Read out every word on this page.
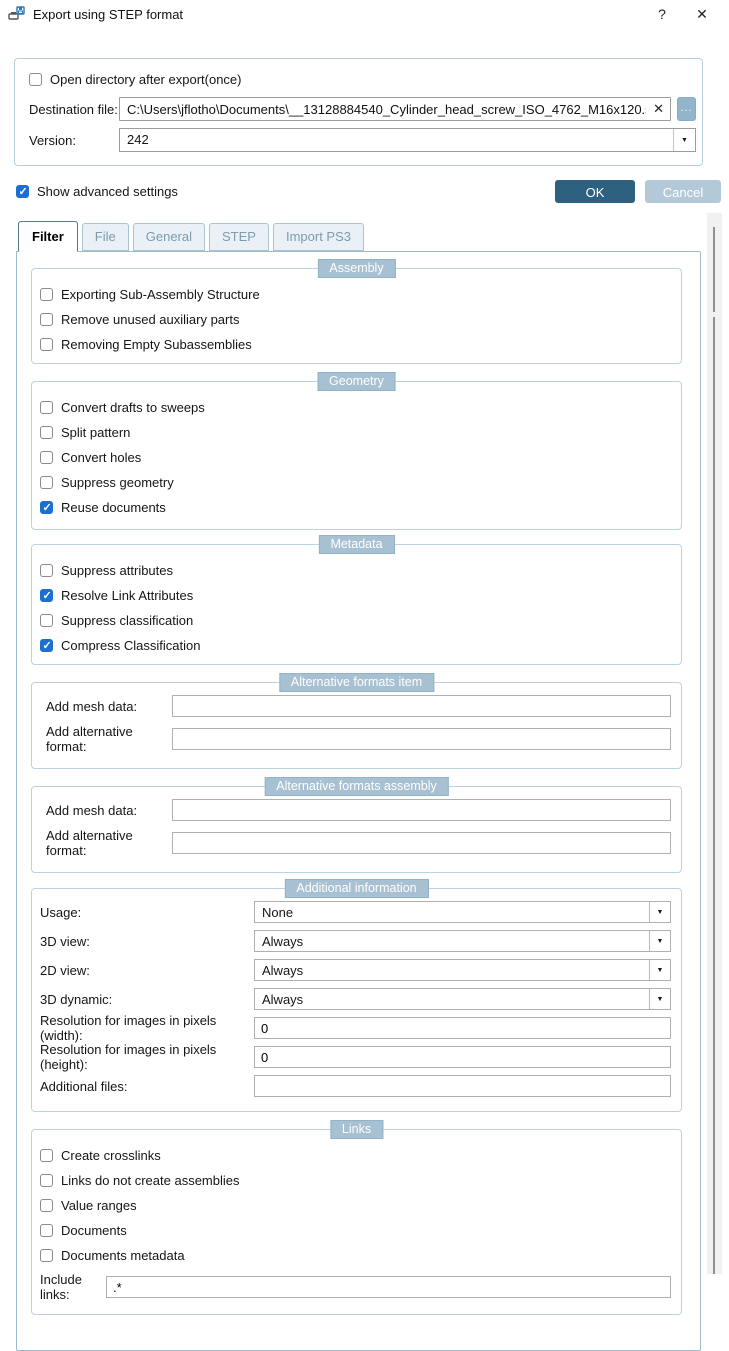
Export using STEP format	?	✕
Open directory after export(once)
Destination file:
C:\Users\jflotho\Documents\__13128884540_Cylinder_head_screw_ISO_4762_M16x120.stp	✕	...
Version:	242	▼
✓
Show advanced settings	OK	Cancel
Filter	File	General	STEP	Import PS3
Assembly
Exporting Sub-Assembly Structure
Remove unused auxiliary parts
Removing Empty Subassemblies
Geometry
Convert drafts to sweeps
Split pattern
Convert holes
Suppress geometry
✓
Reuse documents
Metadata
Suppress attributes
✓
Resolve Link Attributes
Suppress classification
✓
Compress Classification
Alternative formats item
Add mesh data:
Add alternative format:
Alternative formats assembly
Add mesh data:
Add alternative format:
Additional information
Usage:	None	▼
3D view:	Always	▼
2D view:	Always	▼
3D dynamic:	Always	▼
Resolution for images in pixels (width):
0
Resolution for images in pixels (height):
0
Additional files:
Links
Create crosslinks
Links do not create assemblies
Value ranges
Documents
Documents metadata
Include links:
.*
